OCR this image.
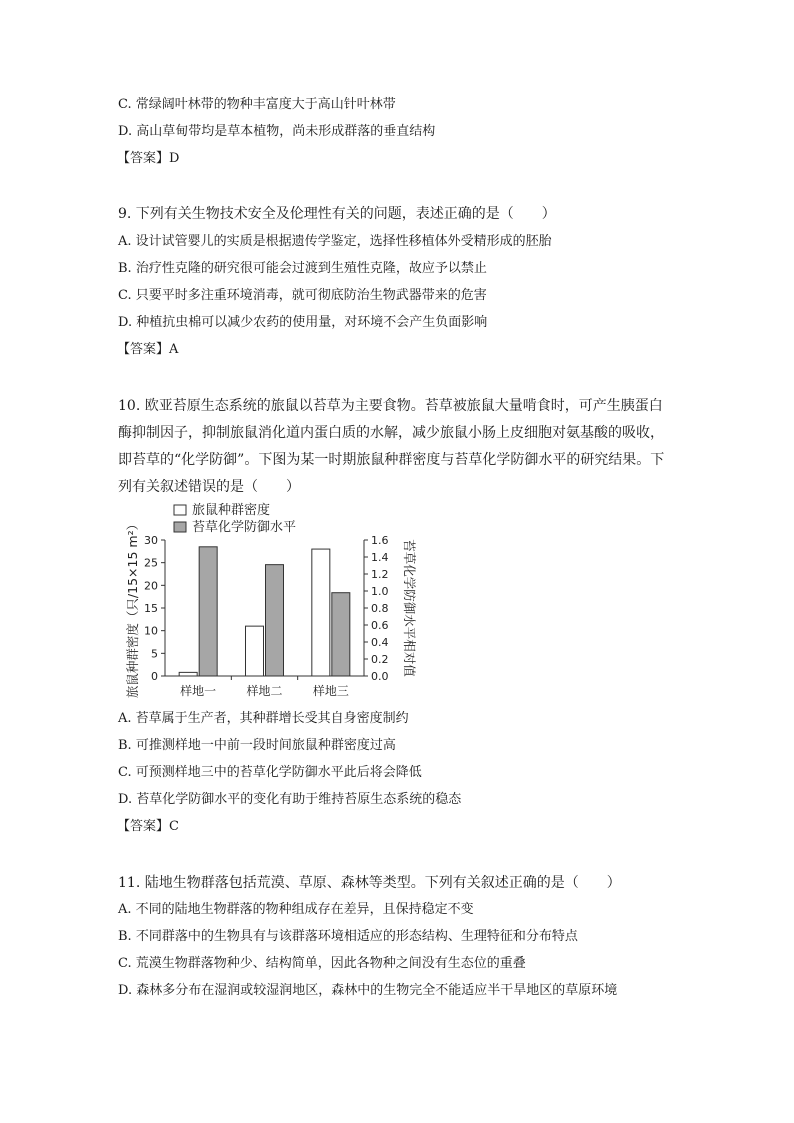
C. 常绿阔叶林带的物种丰富度大于高山针叶林带
D. 高山草甸带均是草本植物，尚未形成群落的垂直结构
【答案】D
9. 下列有关生物技术安全及伦理性有关的问题，表述正确的是（　　）
A. 设计试管婴儿的实质是根据遗传学鉴定，选择性移植体外受精形成的胚胎
B. 治疗性克隆的研究很可能会过渡到生殖性克隆，故应予以禁止
C. 只要平时多注重环境消毒，就可彻底防治生物武器带来的危害
D. 种植抗虫棉可以减少农药的使用量，对环境不会产生负面影响
【答案】A
10. 欧亚苔原生态系统的旅鼠以苔草为主要食物。苔草被旅鼠大量啃食时，可产生胰蛋白
酶抑制因子，抑制旅鼠消化道内蛋白质的水解，减少旅鼠小肠上皮细胞对氨基酸的吸收，
即苔草的“化学防御”。下图为某一时期旅鼠种群密度与苔草化学防御水平的研究结果。下
列有关叙述错误的是（　　）
旅鼠种群密度
苔草化学防御水平
0
5
10
15
20
25
30
0.0
0.2
0.4
0.6
0.8
1.0
1.2
1.4
1.6
样地一	样地二	样地三
旅鼠种群密度（只/15×15 m²）	苔草化学防御水平相对值
A. 苔草属于生产者，其种群增长受其自身密度制约
B. 可推测样地一中前一段时间旅鼠种群密度过高
C. 可预测样地三中的苔草化学防御水平此后将会降低
D. 苔草化学防御水平的变化有助于维持苔原生态系统的稳态
【答案】C
11. 陆地生物群落包括荒漠、草原、森林等类型。下列有关叙述正确的是（　　）
A. 不同的陆地生物群落的物种组成存在差异，且保持稳定不变
B. 不同群落中的生物具有与该群落环境相适应的形态结构、生理特征和分布特点
C. 荒漠生物群落物种少、结构简单，因此各物种之间没有生态位的重叠
D. 森林多分布在湿润或较湿润地区，森林中的生物完全不能适应半干旱地区的草原环境
